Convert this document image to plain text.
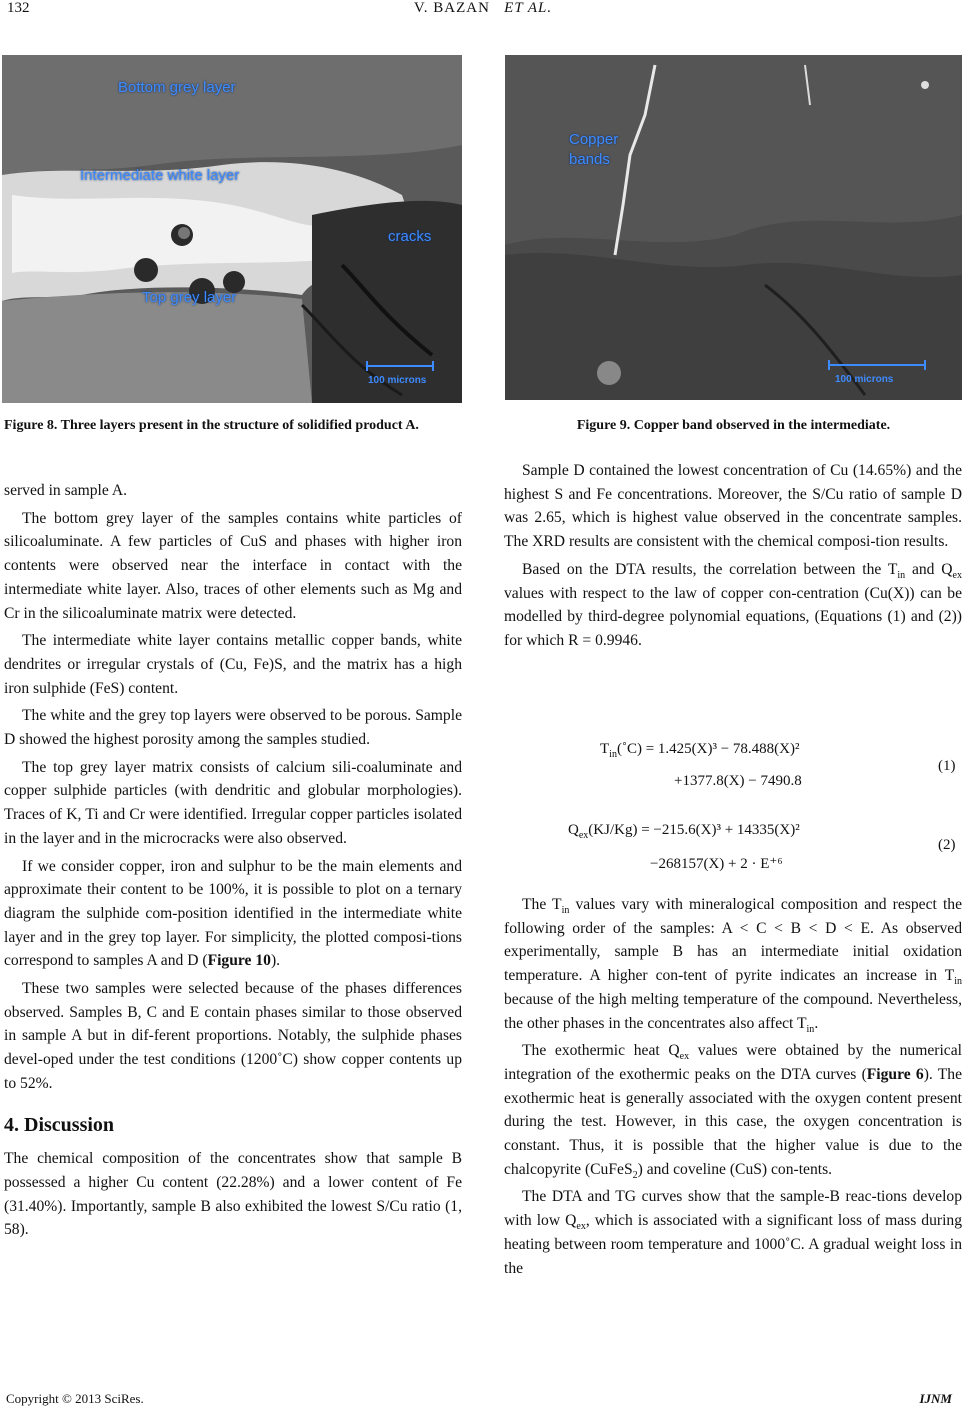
132	V. BAZAN ET AL.
Bottom grey layer
Intermediate white layer
cracks
Top grey layer
100 microns
Figure 8. Three layers present in the structure of solidified product A.
Copper
bands
100 microns
Figure 9. Copper band observed in the intermediate.

served in sample A.

The bottom grey layer of the samples contains white particles of silicoaluminate. A few particles of CuS and phases with higher iron contents were observed near the interface in contact with the intermediate white layer. Also, traces of other elements such as Mg and Cr in the silicoaluminate matrix were detected.

The intermediate white layer contains metallic copper bands, white dendrites or irregular crystals of (Cu, Fe)S, and the matrix has a high iron sulphide (FeS) content.

The white and the grey top layers were observed to be porous. Sample D showed the highest porosity among the samples studied.

The top grey layer matrix consists of calcium sili-coaluminate and copper sulphide particles (with dendritic and globular morphologies). Traces of K, Ti and Cr were identified. Irregular copper particles isolated in the layer and in the microcracks were also observed.

If we consider copper, iron and sulphur to be the main elements and approximate their content to be 100%, it is possible to plot on a ternary diagram the sulphide com-position identified in the intermediate white layer and in the grey top layer. For simplicity, the plotted composi-tions correspond to samples A and D (Figure 10).

These two samples were selected because of the phases differences observed. Samples B, C and E contain phases similar to those observed in sample A but in dif-ferent proportions. Notably, the sulphide phases devel-oped under the test conditions (1200˚C) show copper contents up to 52%.

4. Discussion

The chemical composition of the concentrates show that sample B possessed a higher Cu content (22.28%) and a lower content of Fe (31.40%). Importantly, sample B also exhibited the lowest S/Cu ratio (1, 58).

Sample D contained the lowest concentration of Cu (14.65%) and the highest S and Fe concentrations. Moreover, the S/Cu ratio of sample D was 2.65, which is highest value observed in the concentrate samples. The XRD results are consistent with the chemical composi-tion results.

Based on the DTA results, the correlation between the $T_{in}$ and $Q_{ex}$ values with respect to the law of copper con-centration (Cu(X)) can be modelled by third-degree polynomial equations, (Equations (1) and (2)) for which R = 0.9946.

$T_{in}(˚C) = 1.425(X)^3 - 78.488(X)^2$
+1377.8(X) − 7490.8
(1)
$Q_{ex}(KJ/Kg) = -215.6(X)^3 + 14335(X)^2$
−268157(X) + 2 · E⁺⁶
(2)

The $T_{in}$ values vary with mineralogical composition and respect the following order of the samples: A < C < B < D < E. As observed experimentally, sample B has an intermediate initial oxidation temperature. A higher con-tent of pyrite indicates an increase in $T_{in}$ because of the high melting temperature of the compound. Nevertheless, the other phases in the concentrates also affect $T_{in}$.

The exothermic heat $Q_{ex}$ values were obtained by the numerical integration of the exothermic peaks on the DTA curves (Figure 6). The exothermic heat is generally associated with the oxygen content present during the test. However, in this case, the oxygen concentration is constant. Thus, it is possible that the higher value is due to the chalcopyrite (CuFeS$_2$) and coveline (CuS) con-tents.

The DTA and TG curves show that the sample-B reac-tions develop with low $Q_{ex}$, which is associated with a significant loss of mass during heating between room temperature and 1000˚C. A gradual weight loss in the

Copyright © 2013 SciRes.	IJNM
